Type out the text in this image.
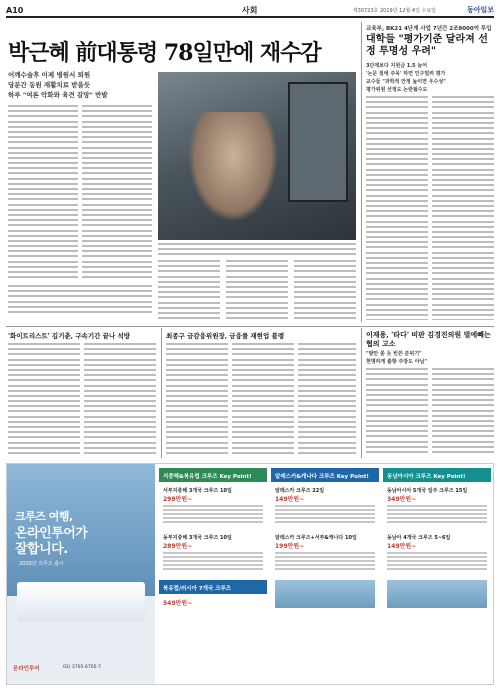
A10	사회	제30723호 2019년 12월 4일 수요일	동아일보
박근혜 前대통령 78일만에 재수감
어깨수술후 이제 병원서 퇴원
당분간 동원 재활치료 받을듯
하루 "여론 악화와 육견 갈망" 반발
교육부, BK21 4단계 사업 7년간 2조9000억 투입
대학들 "평가기준 달라져 선정 투명성 우려"
3단계보다 지원금 1.5 늘어
'논문 질에 주목' 하면 인구밀려 평가
교수들 "과학적 안정 높이면 우수성"
평가위원 선정도 논란될수도
'화이트리스트' 김기춘, 구속기간 끝나 석방	최종구 금감융위원장, 금융룰 재현업 블랭	이재용, '타다' 비판 김경진의원 벌에빼는 협의 고소
"발만 쏟 듯 빈쓴 분위기"
현명하게 출항 주장도 아님"
크루즈 여행,
온라인투어가
잘합니다.
2020년 크루즈 출시
온라인투어	02) 3705-6705-7
지중해&북유럽 크루즈 Key Point!
서부지중해 3개국 크루즈 10일
299만원~
동부지중해 3개국 크루즈 10일
289만원~
북유럽/러시아 7개국 크루즈
549만원~
알래스카&캐나다 크루즈 Key Point!
알래스카 크루즈 22일
149만원~
알래스카 크루즈+서부&캐나다 10일
199만원~
동남아시아 크루즈 Key Point!
동남아시아 5개국 일주 크루즈 15일
349만원~
동남아 4개국 크루즈 5~6일
149만원~
